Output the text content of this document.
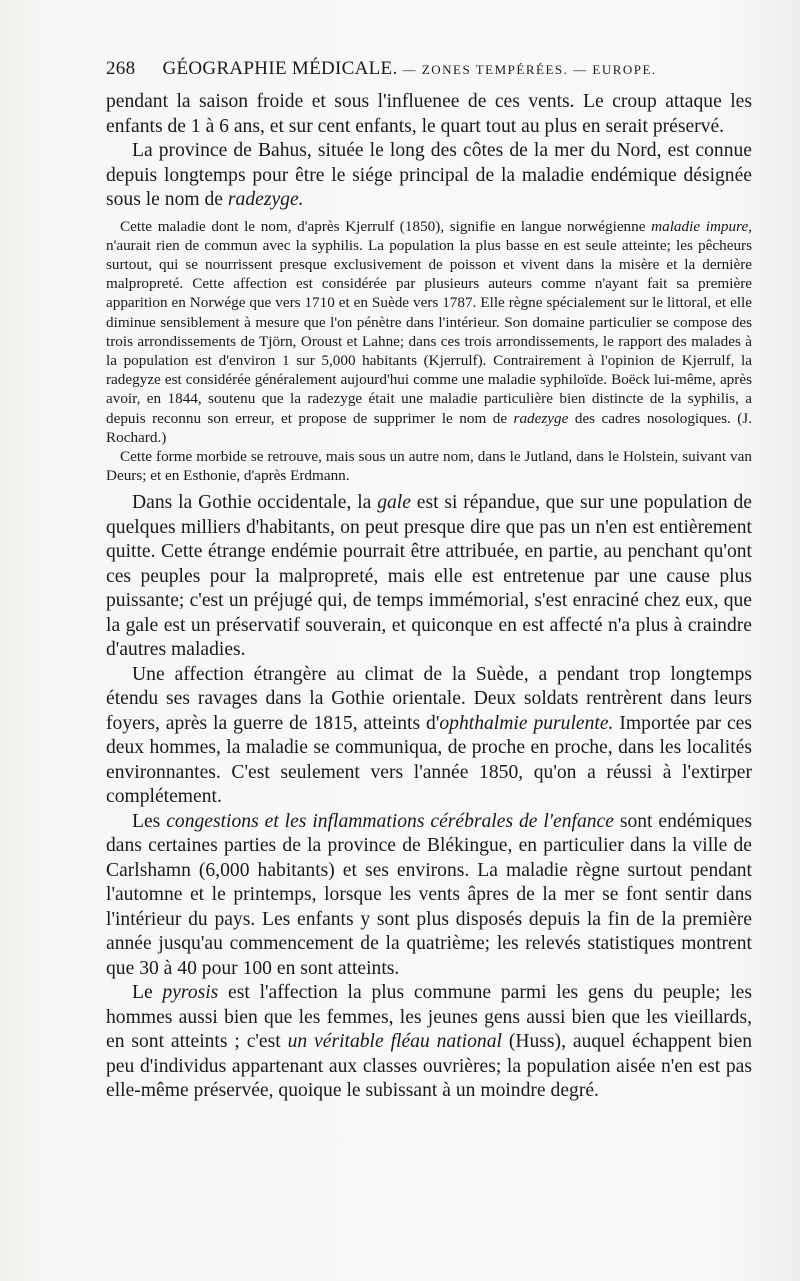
268 GÉOGRAPHIE MÉDICALE. — ZONES TEMPÉRÉES. — EUROPE.

pendant la saison froide et sous l'influenee de ces vents. Le croup attaque les enfants de 1 à 6 ans, et sur cent enfants, le quart tout au plus en serait préservé.

La province de Bahus, située le long des côtes de la mer du Nord, est connue depuis longtemps pour être le siége principal de la maladie endémique désignée sous le nom de radezyge.

Cette maladie dont le nom, d'après Kjerrulf (1850), signifie en langue norwégienne maladie impure, n'aurait rien de commun avec la syphilis. La population la plus basse en est seule atteinte; les pêcheurs surtout, qui se nourrissent presque exclusivement de poisson et vivent dans la misère et la dernière malpropreté. Cette affection est considérée par plusieurs auteurs comme n'ayant fait sa première apparition en Norwége que vers 1710 et en Suède vers 1787. Elle règne spécialement sur le littoral, et elle diminue sensiblement à mesure que l'on pénètre dans l'intérieur. Son domaine particulier se compose des trois arrondissements de Tjörn, Oroust et Lahne; dans ces trois arrondissements, le rapport des malades à la population est d'environ 1 sur 5,000 habitants (Kjerrulf). Contrairement à l'opinion de Kjerrulf, la radegyze est considérée généralement aujourd'hui comme une maladie syphiloïde. Boëck lui-même, après avoir, en 1844, soutenu que la radezyge était une maladie particulière bien distincte de la syphilis, a depuis reconnu son erreur, et propose de supprimer le nom de radezyge des cadres nosologiques. (J. Rochard.)

Cette forme morbide se retrouve, mais sous un autre nom, dans le Jutland, dans le Holstein, suivant van Deurs; et en Esthonie, d'après Erdmann.

Dans la Gothie occidentale, la gale est si répandue, que sur une population de quelques milliers d'habitants, on peut presque dire que pas un n'en est entièrement quitte. Cette étrange endémie pourrait être attribuée, en partie, au penchant qu'ont ces peuples pour la malpropreté, mais elle est entretenue par une cause plus puissante; c'est un préjugé qui, de temps immémorial, s'est enraciné chez eux, que la gale est un préservatif souverain, et quiconque en est affecté n'a plus à craindre d'autres maladies.

Une affection étrangère au climat de la Suède, a pendant trop longtemps étendu ses ravages dans la Gothie orientale. Deux soldats rentrèrent dans leurs foyers, après la guerre de 1815, atteints d'ophthalmie purulente. Importée par ces deux hommes, la maladie se communiqua, de proche en proche, dans les localités environnantes. C'est seulement vers l'année 1850, qu'on a réussi à l'extirper complétement.

Les congestions et les inflammations cérébrales de l'enfance sont endémiques dans certaines parties de la province de Blékingue, en particulier dans la ville de Carlshamn (6,000 habitants) et ses environs. La maladie règne surtout pendant l'automne et le printemps, lorsque les vents âpres de la mer se font sentir dans l'intérieur du pays. Les enfants y sont plus disposés depuis la fin de la première année jusqu'au commencement de la quatrième; les relevés statistiques montrent que 30 à 40 pour 100 en sont atteints.

Le pyrosis est l'affection la plus commune parmi les gens du peuple; les hommes aussi bien que les femmes, les jeunes gens aussi bien que les vieillards, en sont atteints ; c'est un véritable fléau national (Huss), auquel échappent bien peu d'individus appartenant aux classes ouvrières; la population aisée n'en est pas elle-même préservée, quoique le subissant à un moindre degré.
